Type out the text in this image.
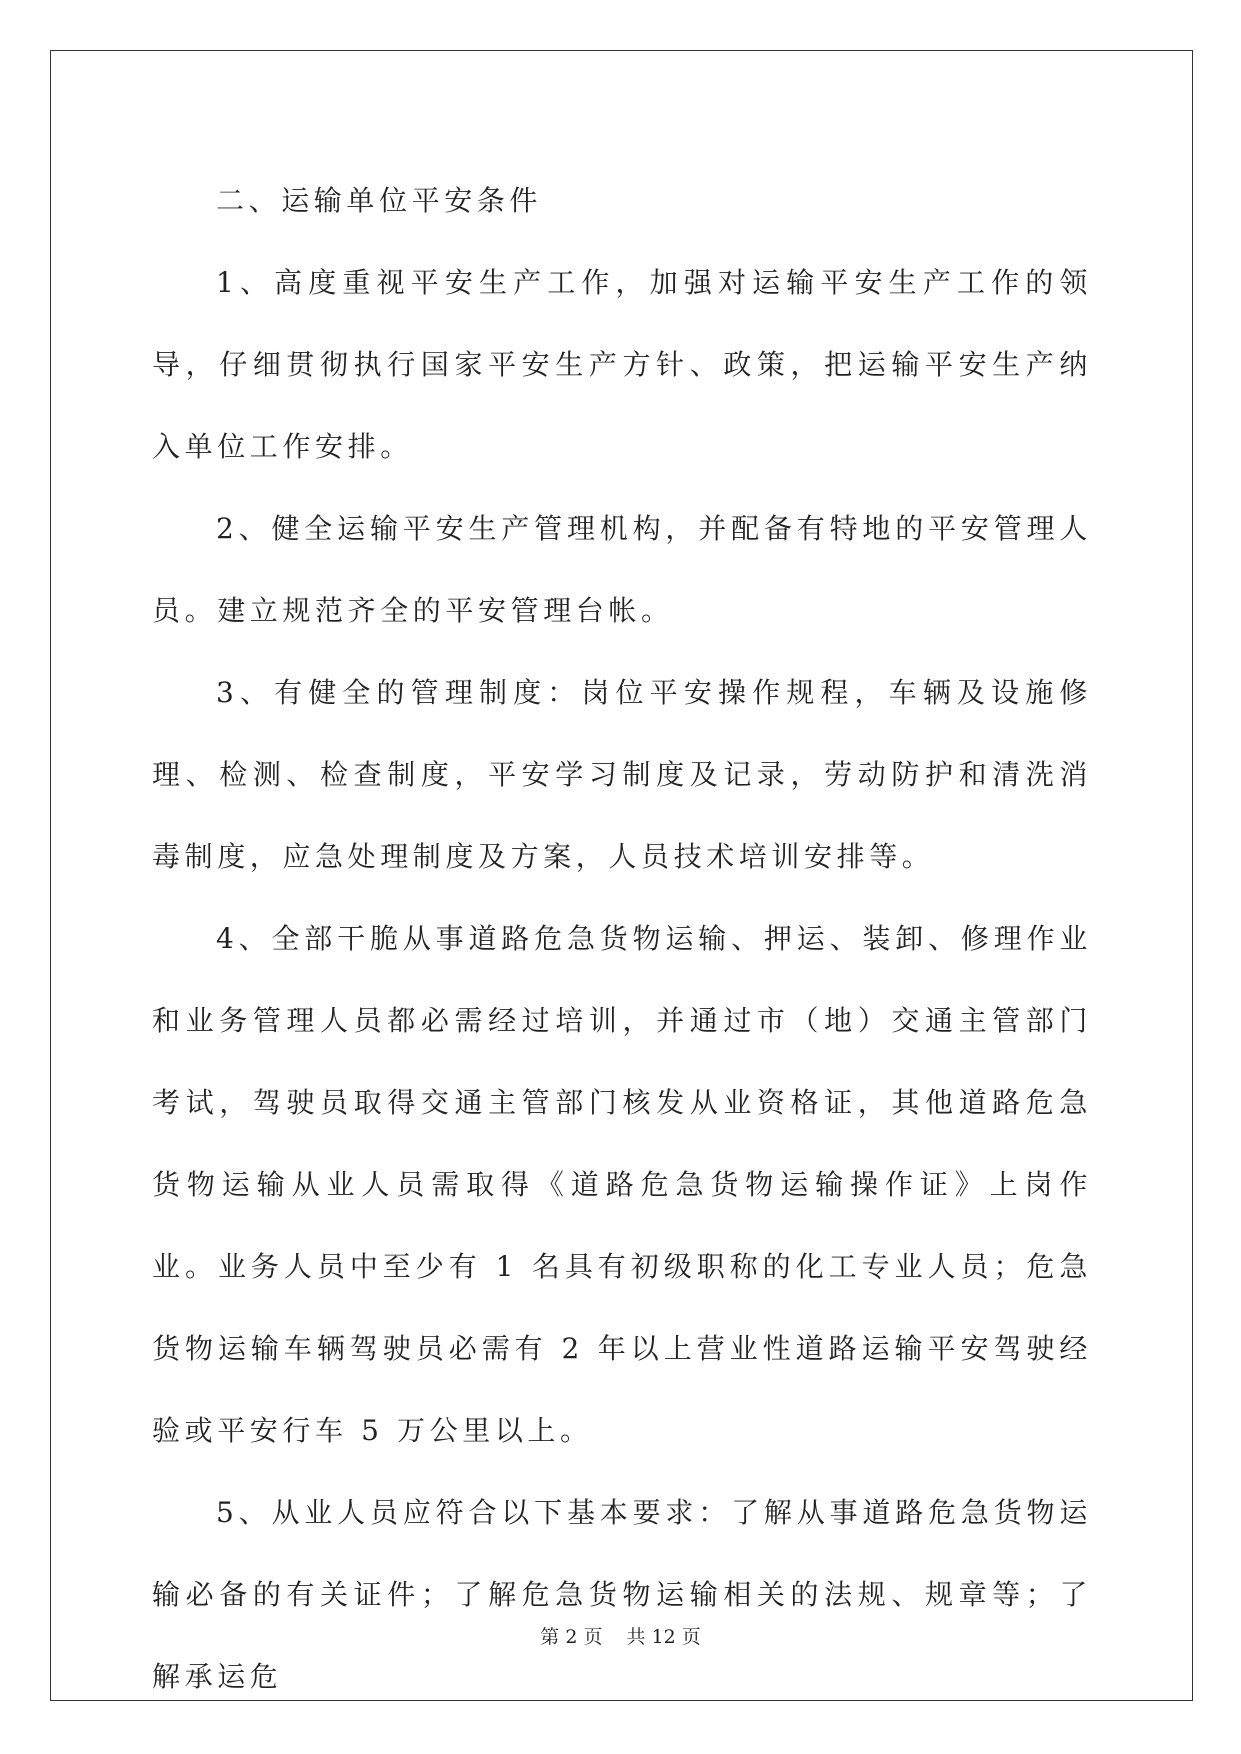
二、运输单位平安条件

1、高度重视平安生产工作，加强对运输平安生产工作的领导，仔细贯彻执行国家平安生产方针、政策，把运输平安生产纳入单位工作安排。

2、健全运输平安生产管理机构，并配备有特地的平安管理人员。建立规范齐全的平安管理台帐。

3、有健全的管理制度：岗位平安操作规程，车辆及设施修理、检测、检查制度，平安学习制度及记录，劳动防护和清洗消毒制度，应急处理制度及方案，人员技术培训安排等。

4、全部干脆从事道路危急货物运输、押运、装卸、修理作业和业务管理人员都必需经过培训，并通过市（地）交通主管部门考试，驾驶员取得交通主管部门核发从业资格证，其他道路危急货物运输从业人员需取得《道路危急货物运输操作证》上岗作业。业务人员中至少有 1 名具有初级职称的化工专业人员；危急货物运输车辆驾驶员必需有 2 年以上营业性道路运输平安驾驶经验或平安行车 5 万公里以上。

5、从业人员应符合以下基本要求：了解从事道路危急货物运输必备的有关证件；了解危急货物运输相关的法规、规章等；了解承运危

第 2 页 共 12 页
